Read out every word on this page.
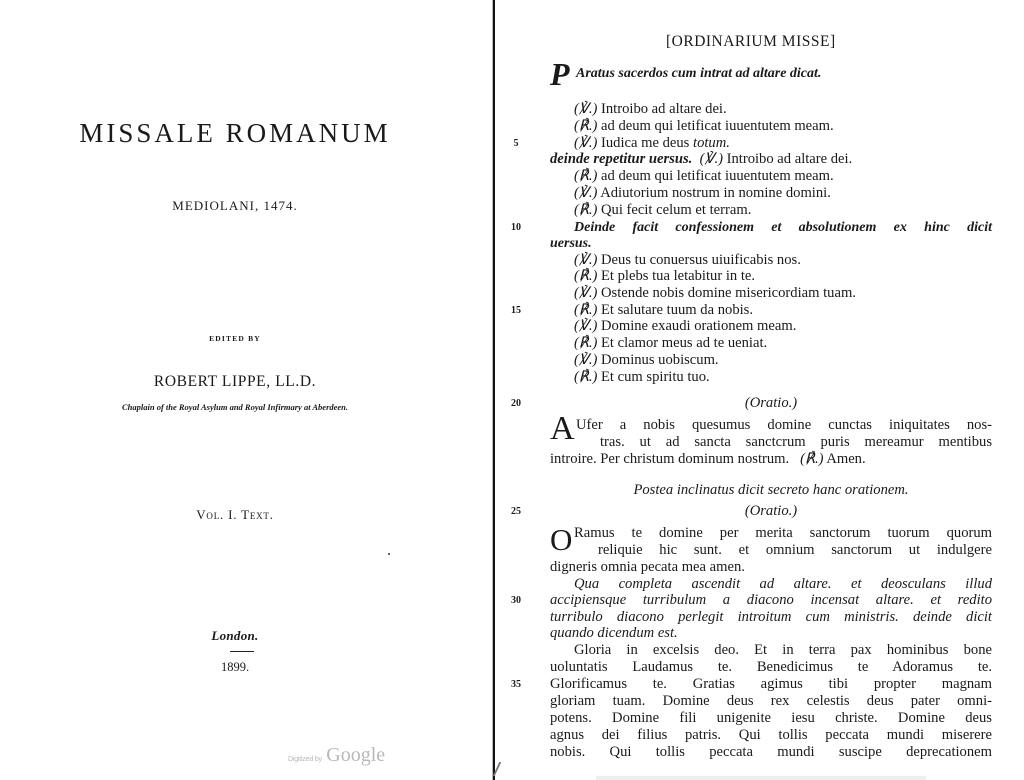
MISSALE ROMANUM
MEDIOLANI, 1474.
EDITED BY
ROBERT LIPPE, LL.D.
Chaplain of the Royal Asylum and Royal Infirmary at Aberdeen.
Vol. I. Text.
London.
1899.
Digitized by Google
[ORDINARIUM MISSE]
P Aratus sacerdos cum intrat ad altare dicat.
(℣.) Introibo ad altare dei.
(℟.) ad deum qui letificat iuuentutem meam.
5	(℣.) Iudica me deus totum.
deinde repetitur uersus. (℣.) Introibo ad altare dei.
(℟.) ad deum qui letificat iuuentutem meam.
(℣.) Adiutorium nostrum in nomine domini.
(℟.) Qui fecit celum et terram.
10	Deinde facit confessionem et absolutionem ex hinc dicit
uersus.
(℣.) Deus tu conuersus uiuificabis nos.
(℟.) Et plebs tua letabitur in te.
(℣.) Ostende nobis domine misericordiam tuam.
15	(℟.) Et salutare tuum da nobis.
(℣.) Domine exaudi orationem meam.
(℟.) Et clamor meus ad te ueniat.
(℣.) Dominus uobiscum.
(℟.) Et cum spiritu tuo.
20	(Oratio.)
A Ufer a nobis quesumus domine cunctas iniquitates nos-
tras. ut ad sancta sanctcrum puris mereamur mentibus
introire. Per christum dominum nostrum. (℟.) Amen.
Postea inclinatus dicit secreto hanc orationem.
25	(Oratio.)
O Ramus te domine per merita sanctorum tuorum quorum
reliquie hic sunt. et omnium sanctorum ut indulgere
digneris omnia pecata mea amen.
Qua completa ascendit ad altare. et deosculans illud
30	accipiensque turribulum a diacono incensat altare. et redito
turribulo diacono perlegit introitum cum ministris. deinde dicit
quando dicendum est.
Gloria in excelsis deo. Et in terra pax hominibus bone
uoluntatis Laudamus te. Benedicimus te Adoramus te.
35	Glorificamus te. Gratias agimus tibi propter magnam
gloriam tuam. Domine deus rex celestis deus pater omni-
potens. Domine fili unigenite iesu christe. Domine deus
agnus dei filius patris. Qui tollis peccata mundi miserere
nobis. Qui tollis peccata mundi suscipe deprecationem
